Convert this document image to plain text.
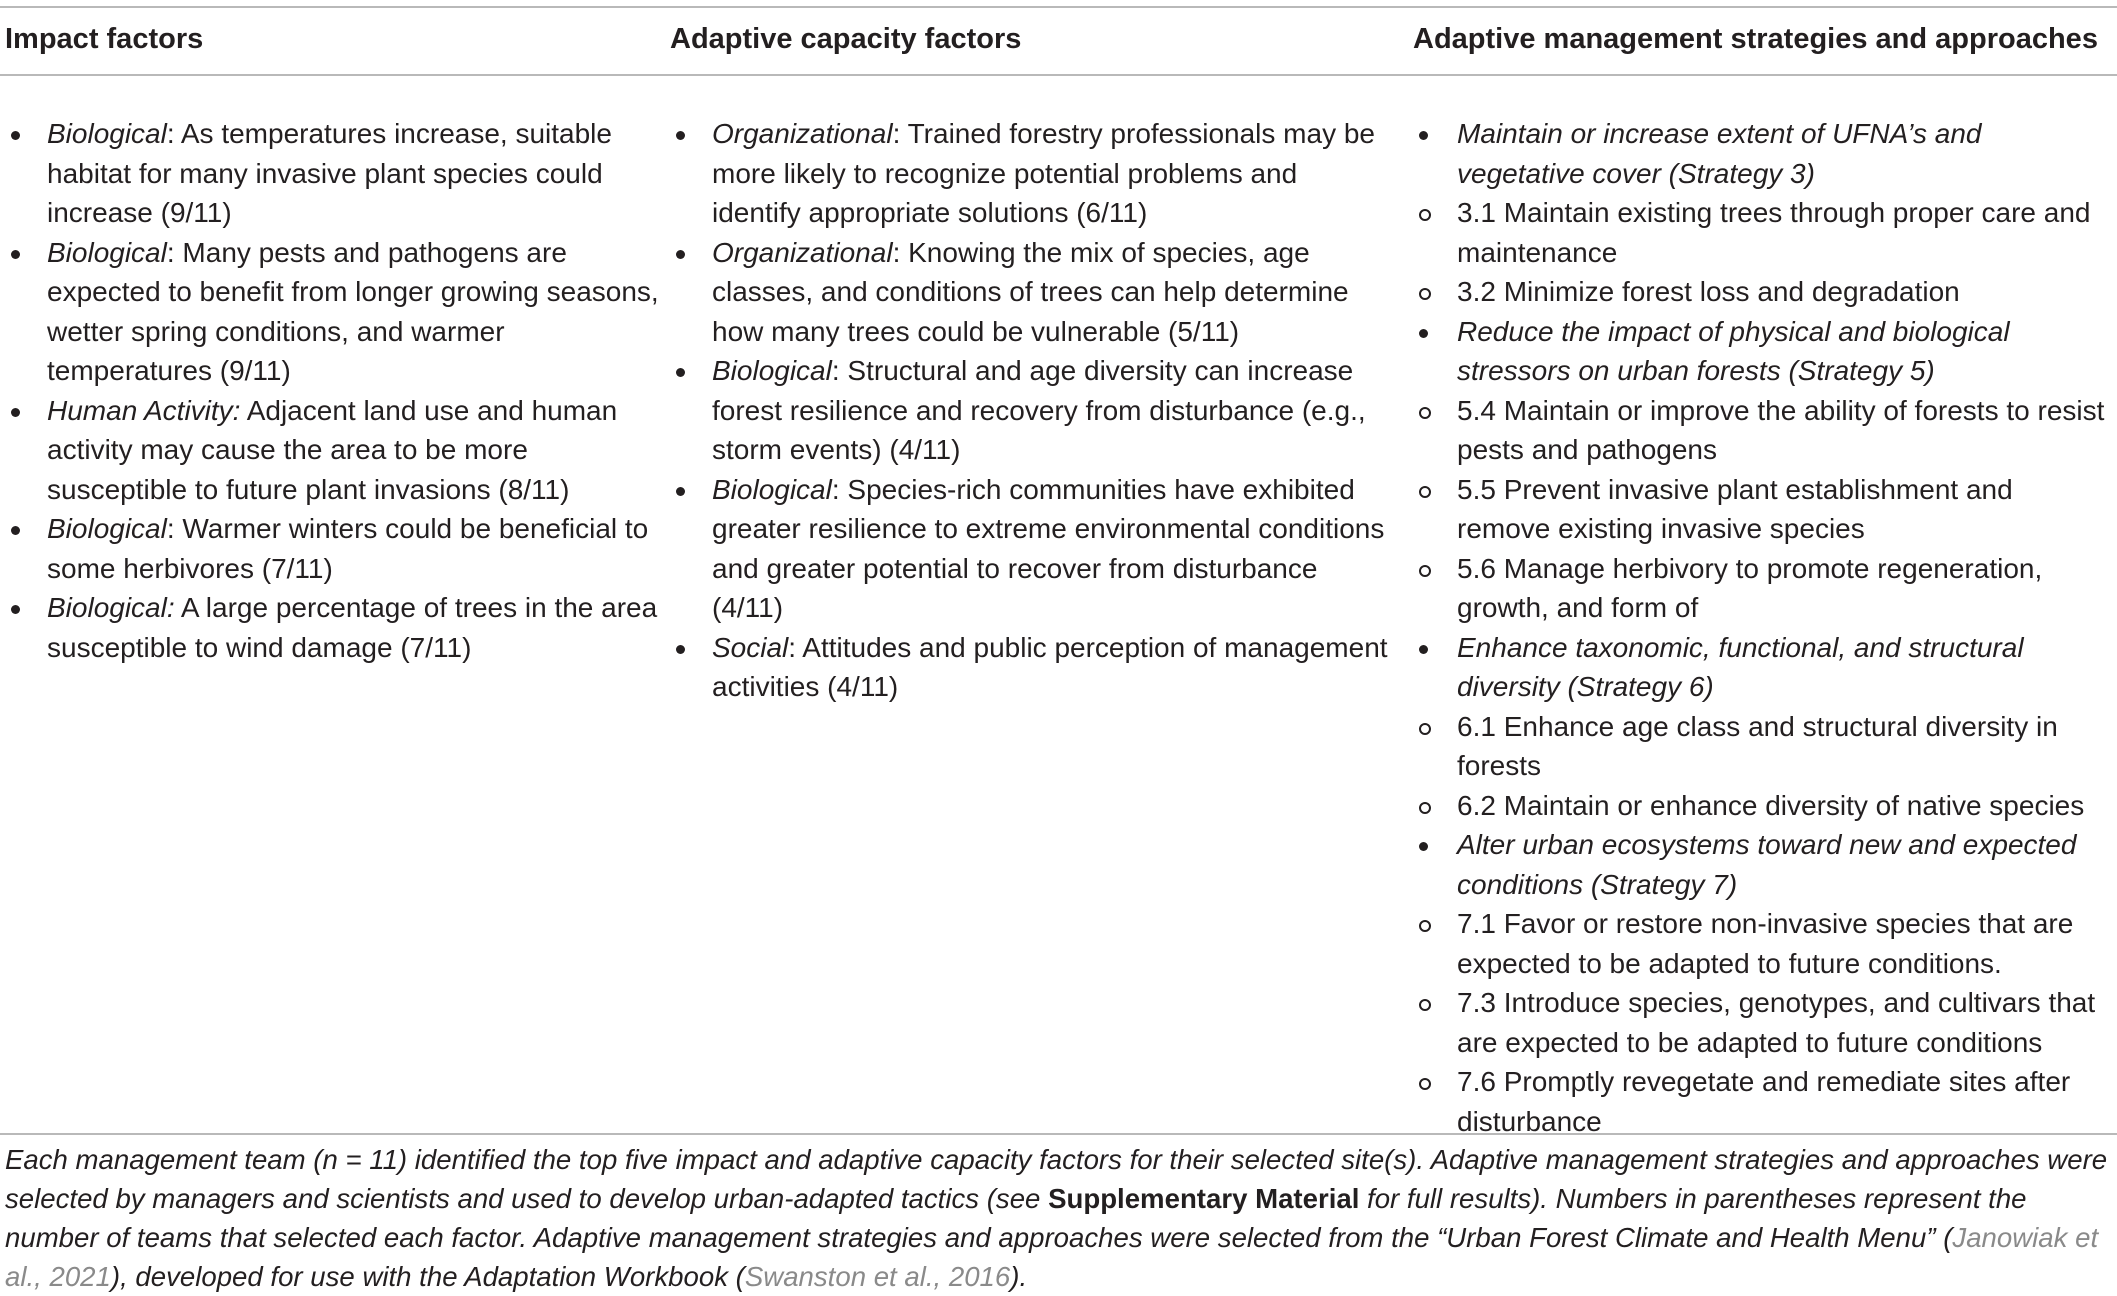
Impact factors
Biological: As temperatures increase, suitable habitat for many invasive plant species could increase (9/11)
Biological: Many pests and pathogens are expected to benefit from longer growing seasons, wetter spring conditions, and warmer temperatures (9/11)
Human Activity: Adjacent land use and human activity may cause the area to be more susceptible to future plant invasions (8/11)
Biological: Warmer winters could be beneficial to some herbivores (7/11)
Biological: A large percentage of trees in the area susceptible to wind damage (7/11)
Adaptive capacity factors
Organizational: Trained forestry professionals may be more likely to recognize potential problems and identify appropriate solutions (6/11)
Organizational: Knowing the mix of species, age classes, and conditions of trees can help determine how many trees could be vulnerable (5/11)
Biological: Structural and age diversity can increase forest resilience and recovery from disturbance (e.g., storm events) (4/11)
Biological: Species-rich communities have exhibited greater resilience to extreme environmental conditions and greater potential to recover from disturbance (4/11)
Social: Attitudes and public perception of management activities (4/11)
Adaptive management strategies and approaches
Maintain or increase extent of UFNA’s and vegetative cover (Strategy 3)
3.1 Maintain existing trees through proper care and maintenance
3.2 Minimize forest loss and degradation
Reduce the impact of physical and biological stressors on urban forests (Strategy 5)
5.4 Maintain or improve the ability of forests to resist pests and pathogens
5.5 Prevent invasive plant establishment and remove existing invasive species
5.6 Manage herbivory to promote regeneration, growth, and form of
Enhance taxonomic, functional, and structural diversity (Strategy 6)
6.1 Enhance age class and structural diversity in forests
6.2 Maintain or enhance diversity of native species
Alter urban ecosystems toward new and expected conditions (Strategy 7)
7.1 Favor or restore non-invasive species that are expected to be adapted to future conditions.
7.3 Introduce species, genotypes, and cultivars that are expected to be adapted to future conditions
7.6 Promptly revegetate and remediate sites after disturbance

Each management team (n = 11) identified the top five impact and adaptive capacity factors for their selected site(s). Adaptive management strategies and approaches were selected by managers and scientists and used to develop urban-adapted tactics (see Supplementary Material for full results). Numbers in parentheses represent the number of teams that selected each factor. Adaptive management strategies and approaches were selected from the “Urban Forest Climate and Health Menu” (Janowiak et al., 2021), developed for use with the Adaptation Workbook (Swanston et al., 2016).
